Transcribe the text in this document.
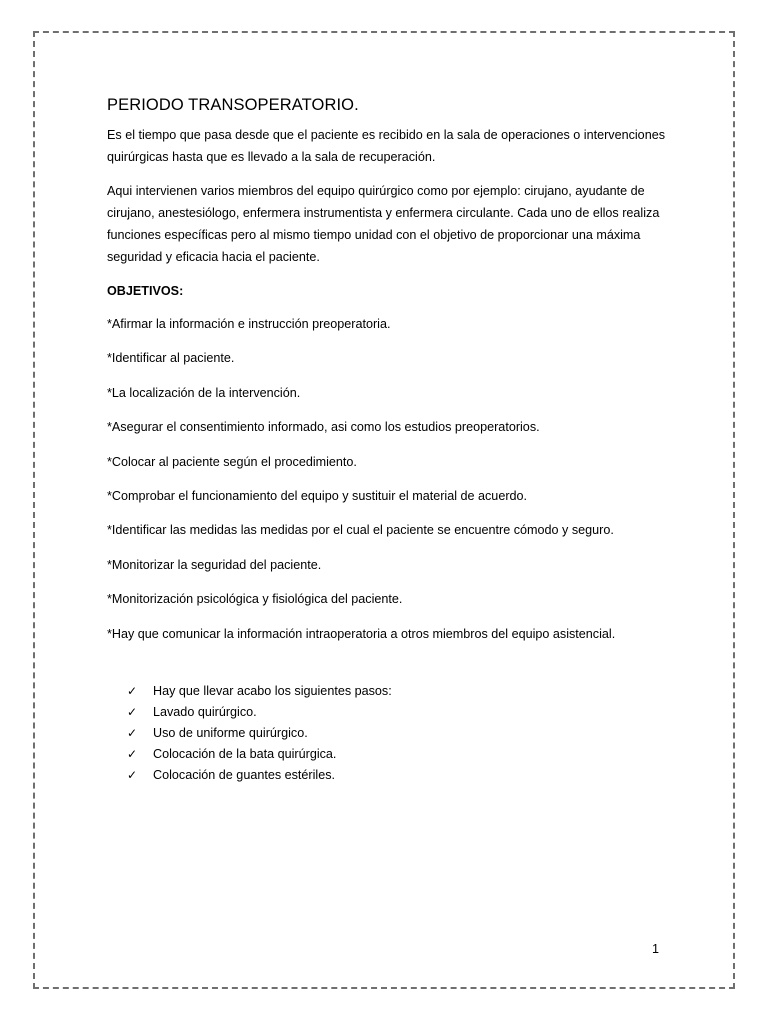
PERIODO TRANSOPERATORIO.

Es el tiempo que pasa desde que el paciente es recibido en la sala de operaciones o intervenciones quirúrgicas hasta que es llevado a la sala de recuperación.

Aqui intervienen varios miembros del equipo quirúrgico como por ejemplo: cirujano, ayudante de cirujano, anestesiólogo, enfermera instrumentista y enfermera circulante. Cada uno de ellos realiza funciones específicas pero al mismo tiempo unidad con el objetivo de proporcionar una máxima seguridad y eficacia hacia el paciente.

OBJETIVOS:

*Afirmar la información e instrucción preoperatoria.

*Identificar al paciente.

*La localización de la intervención.

*Asegurar el consentimiento informado, asi como los estudios preoperatorios.

*Colocar al paciente según el procedimiento.

*Comprobar el funcionamiento del equipo y sustituir el material de acuerdo.

*Identificar las medidas las medidas por el cual el paciente se encuentre cómodo y seguro.

*Monitorizar la seguridad del paciente.

*Monitorización psicológica y fisiológica del paciente.

*Hay que comunicar la información intraoperatoria a otros miembros del equipo asistencial.

✓	Hay que llevar acabo los siguientes pasos:
✓	Lavado quirúrgico.
✓	Uso de uniforme quirúrgico.
✓	Colocación de la bata quirúrgica.
✓	Colocación de guantes estériles.
1
